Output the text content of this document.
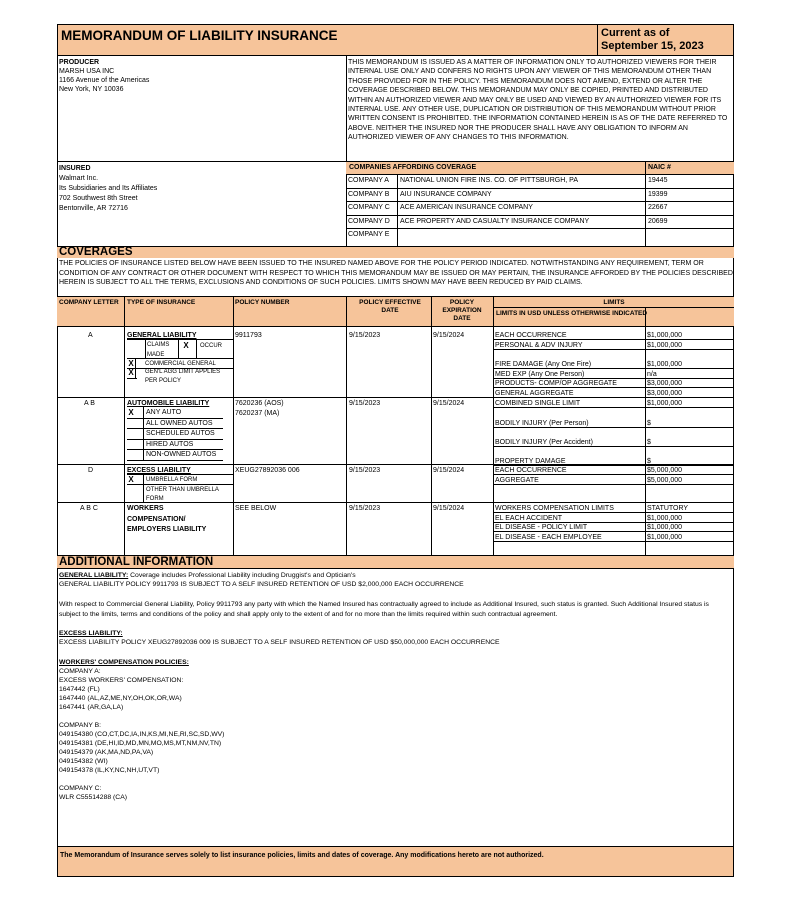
MEMORANDUM OF LIABILITY INSURANCE	Current as of
September 15, 2023
PRODUCER
MARSH USA INC
1166 Avenue of the Americas
New York, NY 10036
THIS MEMORANDUM IS ISSUED AS A MATTER OF INFORMATION ONLY TO AUTHORIZED VIEWERS FOR THEIR INTERNAL USE ONLY AND CONFERS NO RIGHTS UPON ANY VIEWER OF THIS MEMORANDUM OTHER THAN THOSE PROVIDED FOR IN THE POLICY. THIS MEMORANDUM DOES NOT AMEND, EXTEND OR ALTER THE COVERAGE DESCRIBED BELOW. THIS MEMORANDUM MAY ONLY BE COPIED, PRINTED AND DISTRIBUTED WITHIN AN AUTHORIZED VIEWER AND MAY ONLY BE USED AND VIEWED BY AN AUTHORIZED VIEWER FOR ITS INTERNAL USE. ANY OTHER USE, DUPLICATION OR DISTRIBUTION OF THIS MEMORANDUM WITHOUT PRIOR WRITTEN CONSENT IS PROHIBITED. THE INFORMATION CONTAINED HEREIN IS AS OF THE DATE REFERRED TO ABOVE. NEITHER THE INSURED NOR THE PRODUCER SHALL HAVE ANY OBLIGATION TO INFORM AN AUTHORIZED VIEWER OF ANY CHANGES TO THIS INFORMATION.
INSURED
Walmart Inc.
Its Subsidiaries and Its Affiliates
702 Southwest 8th Street
Bentonville, AR 72716
COMPANIES AFFORDING COVERAGE	NAIC #
COMPANY A NATIONAL UNION FIRE INS. CO. OF PITTSBURGH, PA	19445
COMPANY B AIU INSURANCE COMPANY	19399
COMPANY C ACE AMERICAN INSURANCE COMPANY	22667
COMPANY D ACE PROPERTY AND CASUALTY INSURANCE COMPANY	20699
COMPANY E
COVERAGES
THE POLICIES OF INSURANCE LISTED BELOW HAVE BEEN ISSUED TO THE INSURED NAMED ABOVE FOR THE POLICY PERIOD INDICATED. NOTWITHSTANDING ANY REQUIREMENT, TERM OR CONDITION OF ANY CONTRACT OR OTHER DOCUMENT WITH RESPECT TO WHICH THIS MEMORANDUM MAY BE ISSUED OR MAY PERTAIN, THE INSURANCE AFFORDED BY THE POLICIES DESCRIBED HEREIN IS SUBJECT TO ALL THE TERMS, EXCLUSIONS AND CONDITIONS OF SUCH POLICIES. LIMITS SHOWN MAY HAVE BEEN REDUCED BY PAID CLAIMS.
COMPANY LETTER TYPE OF INSURANCE	POLICY NUMBER	POLICY EFFECTIVE DATE
POLICY EXPIRATION DATE
LIMITS
LIMITS IN USD UNLESS OTHERWISE INDICATED
A	GENERAL LIABILITY
CLAIMS MADE
X OCCUR
X COMMERCIAL GENERAL
X GEN'L AGG LIMIT APPLIES PER POLICY
9911793	9/15/2023	9/15/2024	EACH OCCURRENCE	$1,000,000
PERSONAL & ADV INJURY	$1,000,000
FIRE DAMAGE (Any One Fire)	$1,000,000
MED EXP (Any One Person)	n/a
PRODUCTS- COMP/OP AGGREGATE	$3,000,000
GENERAL AGGREGATE	$3,000,000
A B	AUTOMOBILE LIABILITY
X ANY AUTO
ALL OWNED AUTOS
SCHEDULED AUTOS
HIRED AUTOS
NON-OWNED AUTOS
7620236 (AOS)
7620237 (MA)
9/15/2023	9/15/2024	COMBINED SINGLE LIMIT	$1,000,000
BODILY INJURY (Per Person)	$
BODILY INJURY (Per Accident)	$
PROPERTY DAMAGE	$
D	EXCESS LIABILITY
X UMBRELLA FORM
OTHER THAN UMBRELLA FORM
XEUG27892036 006	9/15/2023	9/15/2024	EACH OCCURRENCE	$5,000,000
AGGREGATE	$5,000,000
A B C	WORKERS
COMPENSATION/
EMPLOYERS LIABILITY
SEE BELOW	9/15/2023	9/15/2024	WORKERS COMPENSATION LIMITS	STATUTORY
EL EACH ACCIDENT	$1,000,000
EL DISEASE - POLICY LIMIT	$1,000,000
EL DISEASE - EACH EMPLOYEE	$1,000,000
ADDITIONAL INFORMATION
GENERAL LIABILITY: Coverage includes Professional Liability including Druggist's and Optician's
GENERAL LIABILITY POLICY 9911793 IS SUBJECT TO A SELF INSURED RETENTION OF USD $2,000,000 EACH OCCURRENCE
With respect to Commercial General Liability, Policy 9911793 any party with which the Named Insured has contractually agreed to include as Additional Insured, such status is granted. Such Additional Insured status is subject to the limits, terms and conditions of the policy and shall apply only to the extent of and for no more than the limits required within such contractual agreement.
EXCESS LIABILITY:
EXCESS LIABILITY POLICY XEUG27892036 009 IS SUBJECT TO A SELF INSURED RETENTION OF USD $50,000,000 EACH OCCURRENCE
WORKERS' COMPENSATION POLICIES:
COMPANY A:
EXCESS WORKERS' COMPENSATION:
1647442 (FL)
1647440 (AL,AZ,ME,NY,OH,OK,OR,WA)
1647441 (AR,GA,LA)
COMPANY B:
049154380 (CO,CT,DC,IA,IN,KS,MI,NE,RI,SC,SD,WV)
049154381 (DE,HI,ID,MD,MN,MO,MS,MT,NM,NV,TN)
049154379 (AK,MA,ND,PA,VA)
049154382 (WI)
049154378 (IL,KY,NC,NH,UT,VT)
COMPANY C:
WLR C55514288 (CA)
The Memorandum of Insurance serves solely to list insurance policies, limits and dates of coverage. Any modifications hereto are not authorized.
